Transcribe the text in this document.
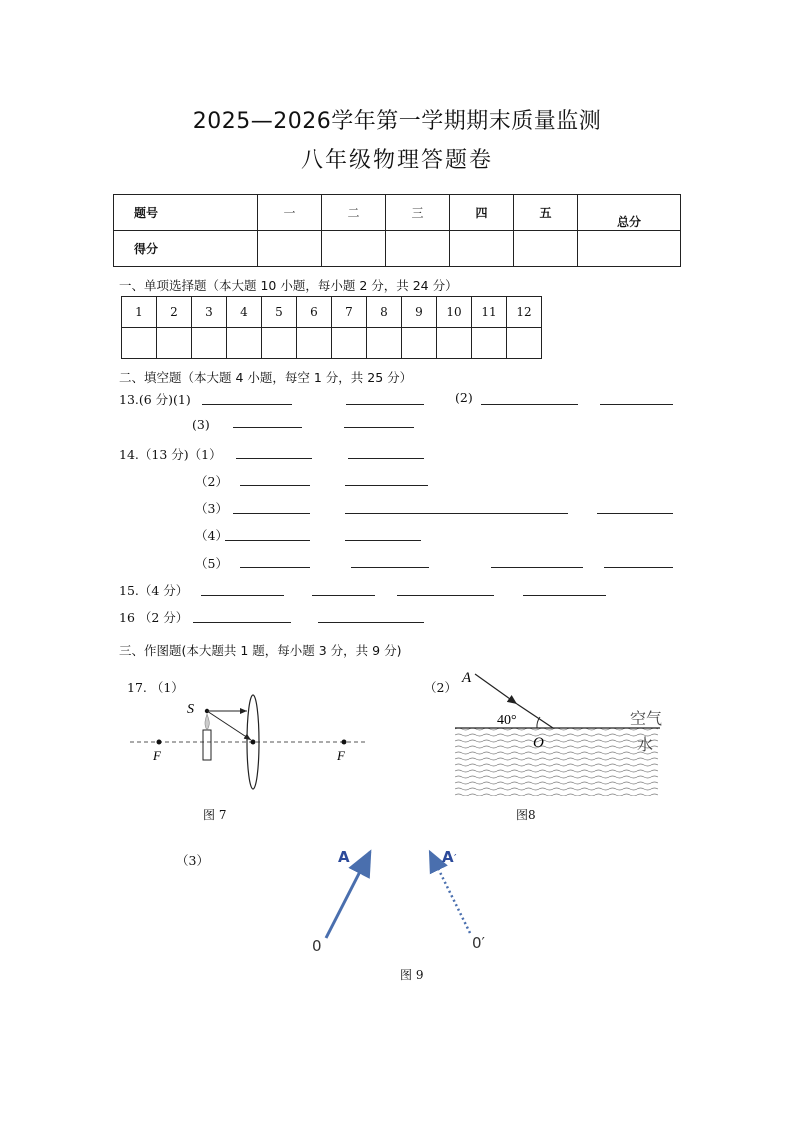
2025—2026学年第一学期期末质量监测
八年级物理答题卷
题号	一	二	三	四	五	总分
得分						
一、单项选择题（本大题 10 小题，每小题 2 分，共 24 分）
1	2	3	4	5	6	7	8	9	10	11	12

二、填空题（本大题 4 小题，每空 1 分，共 25 分）
13.(6 分)(1)	(2)
(3)
14.（13 分)（1）
（2）
（3）
（4）
（5）
15.（4 分）
16 （2 分）
三、作图题(本大题共 1 题，每小题 3 分，共 9 分)
17. （1）	（2）
（3）
S
F	F
图 7
A
40°
O
空气
水
图8
A	A ′
0	0′
图 9
